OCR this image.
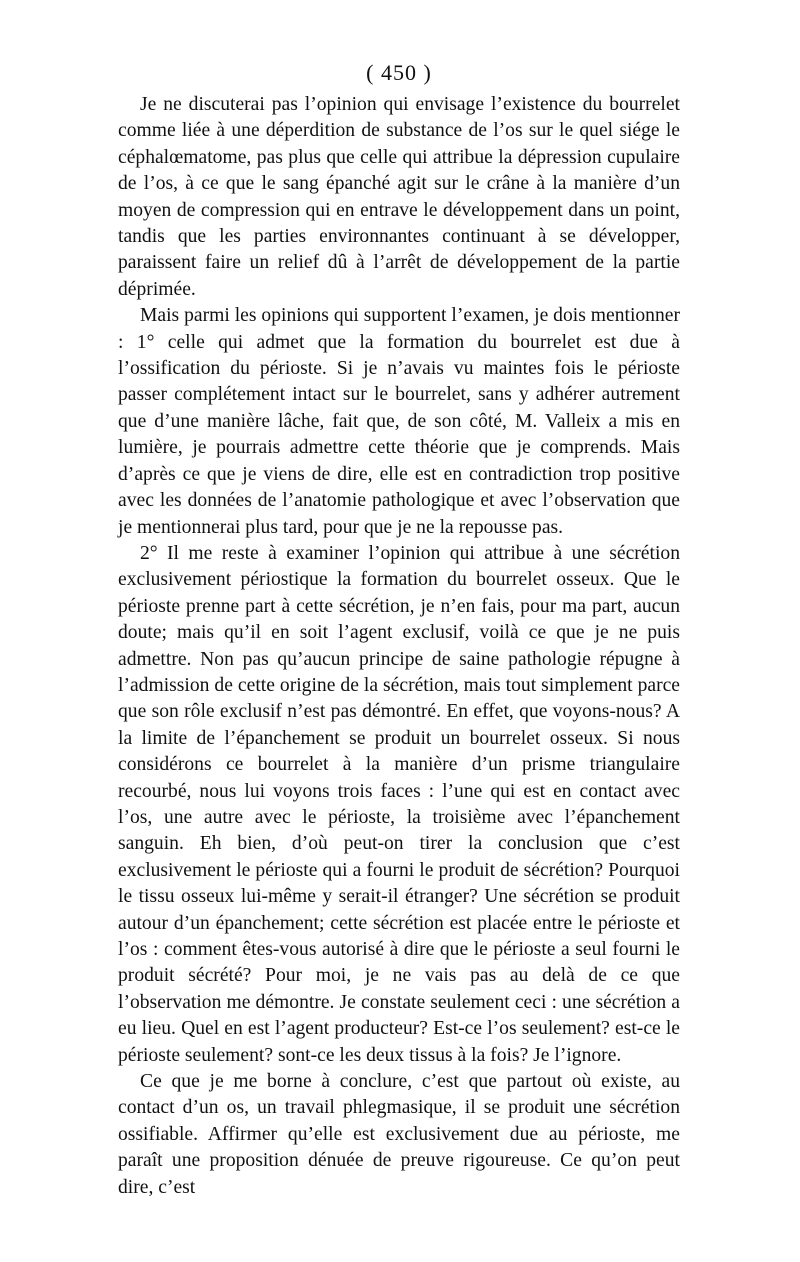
( 450 )

Je ne discuterai pas l’opinion qui envisage l’existence du bourrelet comme liée à une déperdition de substance de l’os sur le quel siége le céphalœmatome, pas plus que celle qui attribue la dépression cupulaire de l’os, à ce que le sang épanché agit sur le crâne à la manière d’un moyen de compression qui en entrave le développement dans un point, tandis que les parties environnantes continuant à se développer, paraissent faire un relief dû à l’arrêt de développement de la partie déprimée.

Mais parmi les opinions qui supportent l’examen, je dois mentionner : 1° celle qui admet que la formation du bourrelet est due à l’ossification du périoste. Si je n’avais vu maintes fois le périoste passer complétement intact sur le bourrelet, sans y adhérer autrement que d’une manière lâche, fait que, de son côté, M. Valleix a mis en lumière, je pourrais admettre cette théorie que je comprends. Mais d’après ce que je viens de dire, elle est en contradiction trop positive avec les données de l’anatomie pathologique et avec l’observation que je mentionnerai plus tard, pour que je ne la repousse pas.

2° Il me reste à examiner l’opinion qui attribue à une sécrétion exclusivement périostique la formation du bourrelet osseux. Que le périoste prenne part à cette sécrétion, je n’en fais, pour ma part, aucun doute; mais qu’il en soit l’agent exclusif, voilà ce que je ne puis admettre. Non pas qu’aucun principe de saine pathologie répugne à l’admission de cette origine de la sécrétion, mais tout simplement parce que son rôle exclusif n’est pas démontré. En effet, que voyons-nous? A la limite de l’épanchement se produit un bourrelet osseux. Si nous considérons ce bourrelet à la manière d’un prisme triangulaire recourbé, nous lui voyons trois faces : l’une qui est en contact avec l’os, une autre avec le périoste, la troisième avec l’épanchement sanguin. Eh bien, d’où peut-on tirer la conclusion que c’est exclusivement le périoste qui a fourni le produit de sécrétion? Pourquoi le tissu osseux lui-même y serait-il étranger? Une sécrétion se produit autour d’un épanchement; cette sécrétion est placée entre le périoste et l’os : comment êtes-vous autorisé à dire que le périoste a seul fourni le produit sécrété? Pour moi, je ne vais pas au delà de ce que l’observation me démontre. Je constate seulement ceci : une sécrétion a eu lieu. Quel en est l’agent producteur? Est-ce l’os seulement? est-ce le périoste seulement? sont-ce les deux tissus à la fois? Je l’ignore.

Ce que je me borne à conclure, c’est que partout où existe, au contact d’un os, un travail phlegmasique, il se produit une sécrétion ossifiable. Affirmer qu’elle est exclusivement due au périoste, me paraît une proposition dénuée de preuve rigoureuse. Ce qu’on peut dire, c’est
